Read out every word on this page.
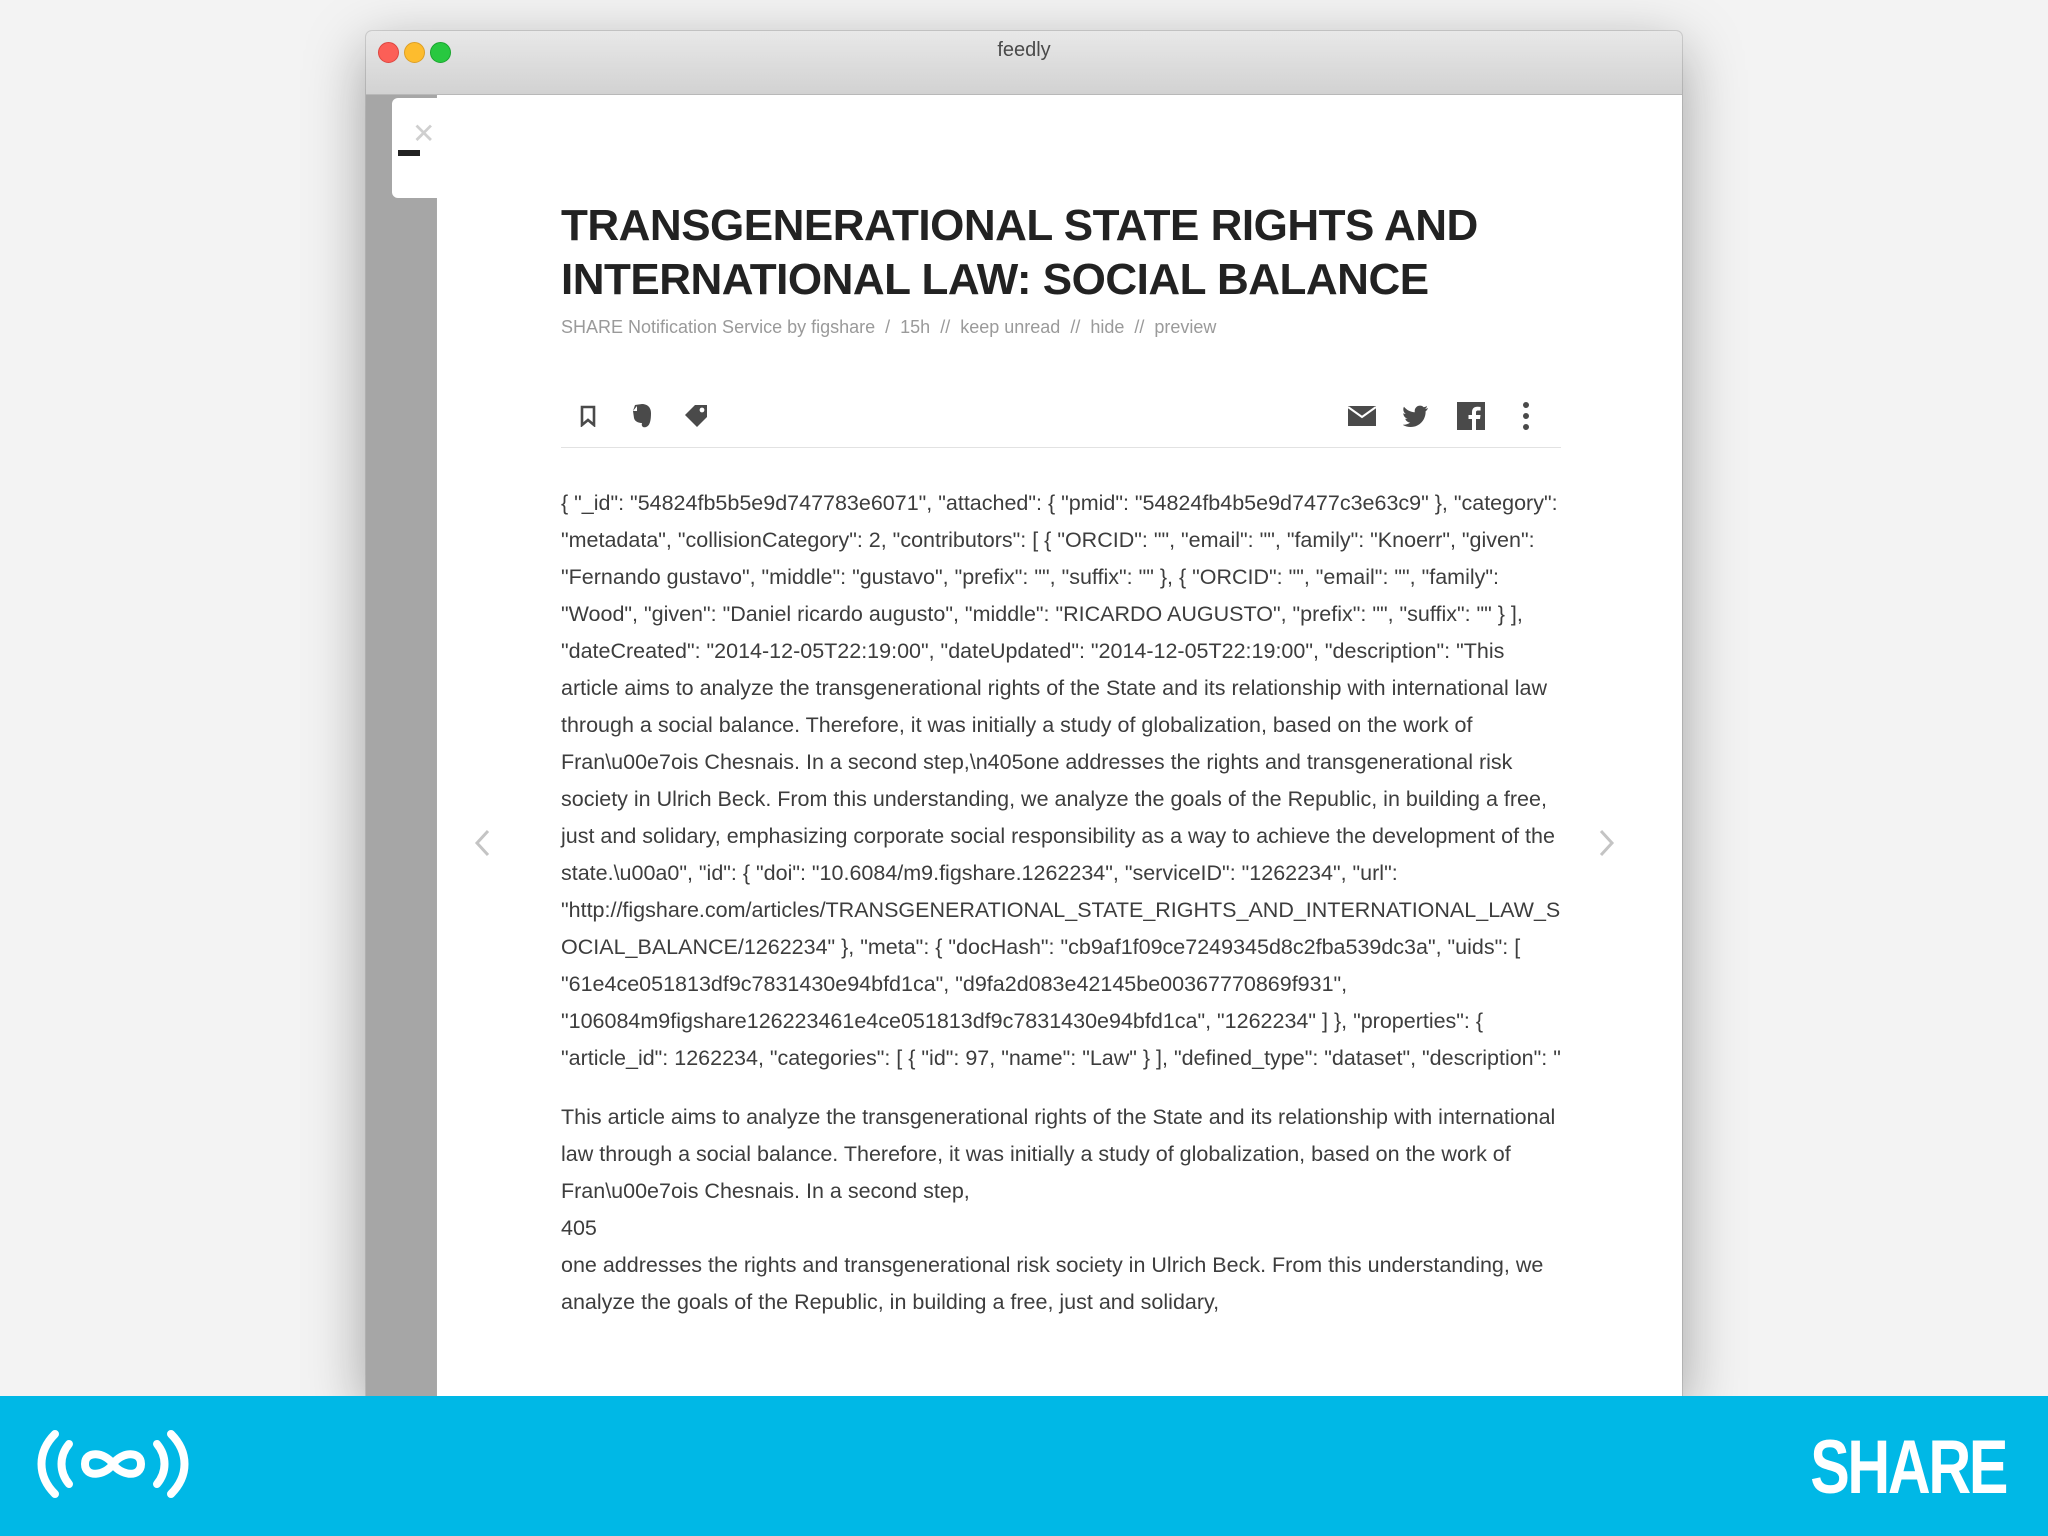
feedly
✕
TRANSGENERATIONAL STATE RIGHTS AND INTERNATIONAL LAW: SOCIAL BALANCE
SHARE Notification Service by figshare / 15h // keep unread // hide // preview

{ "_id": "54824fb5b5e9d747783e6071", "attached": { "pmid": "54824fb4b5e9d7477c3e63c9" }, "category": "metadata", "collisionCategory": 2, "contributors": [ { "ORCID": "", "email": "", "family": "Knoerr", "given": "Fernando gustavo", "middle": "gustavo", "prefix": "", "suffix": "" }, { "ORCID": "", "email": "", "family": "Wood", "given": "Daniel ricardo augusto", "middle": "RICARDO AUGUSTO", "prefix": "", "suffix": "" } ], "dateCreated": "2014-12-05T22:19:00", "dateUpdated": "2014-12-05T22:19:00", "description": "This article aims to analyze the transgenerational rights of the State and its relationship with international law through a social balance. Therefore, it was initially a study of globalization, based on the work of Fran\u00e7ois Chesnais. In a second step,\n405one addresses the rights and transgenerational risk society in Ulrich Beck. From this understanding, we analyze the goals of the Republic, in building a free, just and solidary, emphasizing corporate social responsibility as a way to achieve the development of the state.\u00a0", "id": { "doi": "10.6084/m9.figshare.1262234", "serviceID": "1262234", "url": "http://figshare.com/articles/TRANSGENERATIONAL_STATE_RIGHTS_AND_INTERNATIONAL_LAW_SOCIAL_BALANCE/1262234" }, "meta": { "docHash": "cb9af1f09ce7249345d8c2fba539dc3a", "uids": [ "61e4ce051813df9c7831430e94bfd1ca", "d9fa2d083e42145be00367770869f931", "106084m9figshare126223461e4ce051813df9c7831430e94bfd1ca", "1262234" ] }, "properties": { "article_id": 1262234, "categories": [ { "id": 97, "name": "Law" } ], "defined_type": "dataset", "description": "

This article aims to analyze the transgenerational rights of the State and its relationship with international law through a social balance. Therefore, it was initially a study of globalization, based on the work of Fran\u00e7ois Chesnais. In a second step,
405
one addresses the rights and transgenerational risk society in Ulrich Beck. From this understanding, we analyze the goals of the Republic, in building a free, just and solidary,

SHARE
